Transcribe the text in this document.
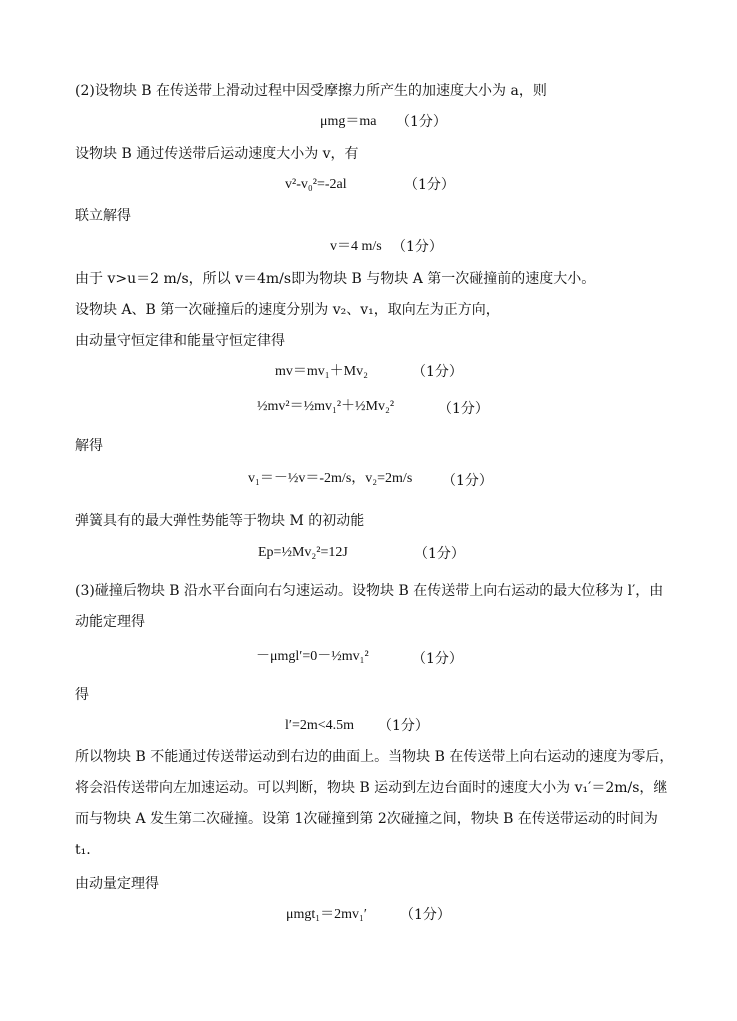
(2)设物块 B 在传送带上滑动过程中因受摩擦力所产生的加速度大小为 a，则
μmg＝ma （1分）
设物块 B 通过传送带后运动速度大小为 v，有
v²-v₀²=-2al	（1分）
联立解得
v＝4 m/s （1分）
由于 v>u＝2 m/s，所以 v＝4m/s即为物块 B 与物块 A 第一次碰撞前的速度大小。
设物块 A、B 第一次碰撞后的速度分别为 v₂、v₁，取向左为正方向，
由动量守恒定律和能量守恒定律得
mv＝mv₁＋Mv₂	（1分）
½mv²＝½mv₁²＋½Mv₂²	（1分）
解得
v₁＝－½v＝-2m/s，v₂=2m/s （1分）
弹簧具有的最大弹性势能等于物块 M 的初动能
Ep=½Mv₂²=12J	（1分）
(3)碰撞后物块 B 沿水平台面向右匀速运动。设物块 B 在传送带上向右运动的最大位移为 l′，由动能定理得
－μmgl′=0－½mv₁²	（1分）
得
l′=2m<4.5m （1分）
所以物块 B 不能通过传送带运动到右边的曲面上。当物块 B 在传送带上向右运动的速度为零后，将会沿传送带向左加速运动。可以判断，物块 B 运动到左边台面时的速度大小为 v₁′＝2m/s，继而与物块 A 发生第二次碰撞。设第 1次碰撞到第 2次碰撞之间，物块 B 在传送带运动的时间为 t₁.
由动量定理得
μmgt₁＝2mv₁′ （1分）
